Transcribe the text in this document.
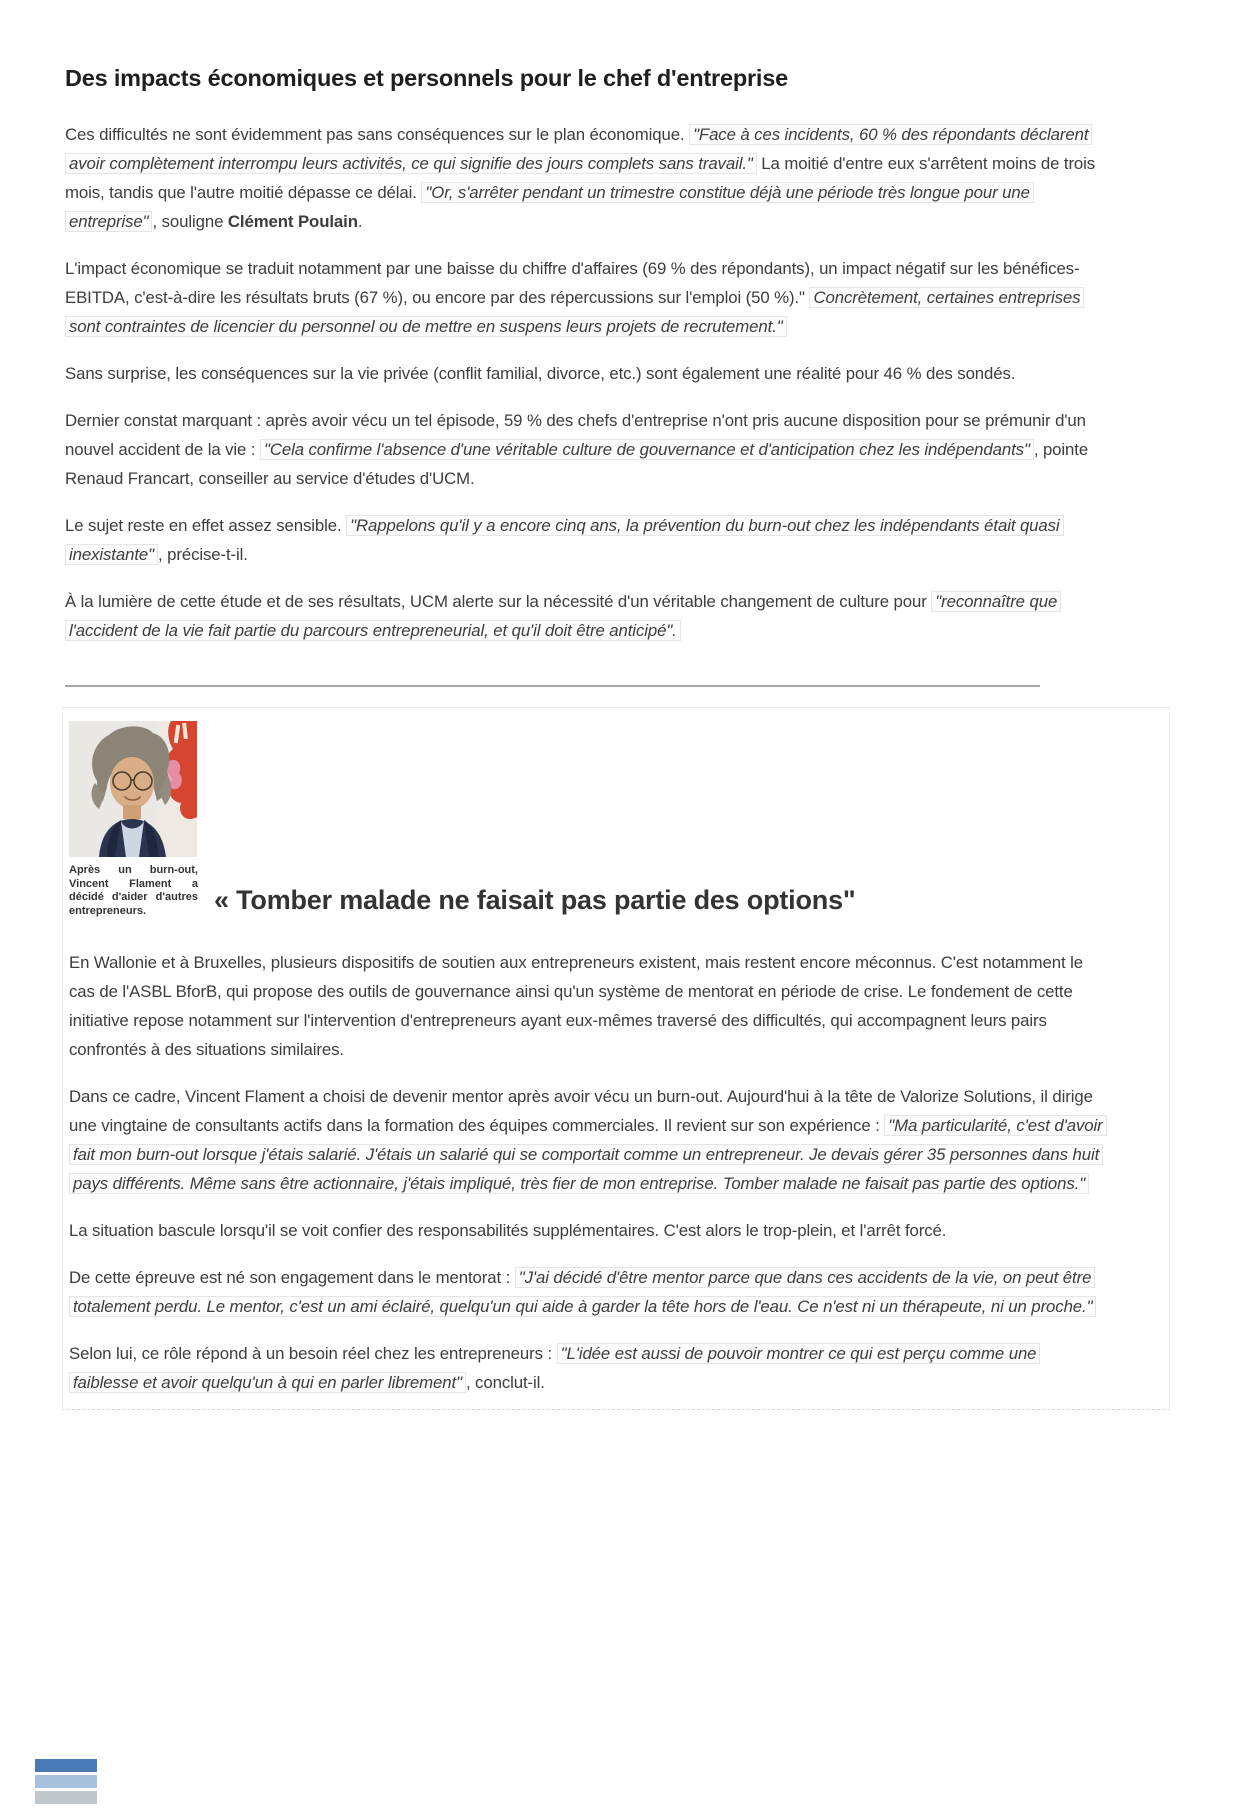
Des impacts économiques et personnels pour le chef d'entreprise

Ces difficultés ne sont évidemment pas sans conséquences sur le plan économique. "Face à ces incidents, 60 % des répondants déclarent avoir complètement interrompu leurs activités, ce qui signifie des jours complets sans travail." La moitié d'entre eux s'arrêtent moins de trois mois, tandis que l'autre moitié dépasse ce délai. "Or, s'arrêter pendant un trimestre constitue déjà une période très longue pour une entreprise" , souligne Clément Poulain.

L'impact économique se traduit notamment par une baisse du chiffre d'affaires (69 % des répondants), un impact négatif sur les bénéfices-EBITDA, c'est-à-dire les résultats bruts (67 %), ou encore par des répercussions sur l'emploi (50 %)." Concrètement, certaines entreprises sont contraintes de licencier du personnel ou de mettre en suspens leurs projets de recrutement."

Sans surprise, les conséquences sur la vie privée (conflit familial, divorce, etc.) sont également une réalité pour 46 % des sondés.

Dernier constat marquant : après avoir vécu un tel épisode, 59 % des chefs d'entreprise n'ont pris aucune disposition pour se prémunir d'un nouvel accident de la vie : "Cela confirme l'absence d'une véritable culture de gouvernance et d'anticipation chez les indépendants" , pointe Renaud Francart, conseiller au service d'études d'UCM.

Le sujet reste en effet assez sensible. "Rappelons qu'il y a encore cinq ans, la prévention du burn-out chez les indépendants était quasi inexistante" , précise-t-il.

À la lumière de cette étude et de ses résultats, UCM alerte sur la nécessité d'un véritable changement de culture pour "reconnaître que l'accident de la vie fait partie du parcours entrepreneurial, et qu'il doit être anticipé".

Après un burn-out, Vincent Flament a décidé d'aider d'autres entrepreneurs.	« Tomber malade ne faisait pas partie des options"

En Wallonie et à Bruxelles, plusieurs dispositifs de soutien aux entrepreneurs existent, mais restent encore méconnus. C'est notamment le cas de l'ASBL BforB, qui propose des outils de gouvernance ainsi qu'un système de mentorat en période de crise. Le fondement de cette initiative repose notamment sur l'intervention d'entrepreneurs ayant eux-mêmes traversé des difficultés, qui accompagnent leurs pairs confrontés à des situations similaires.

Dans ce cadre, Vincent Flament a choisi de devenir mentor après avoir vécu un burn-out. Aujourd'hui à la tête de Valorize Solutions, il dirige une vingtaine de consultants actifs dans la formation des équipes commerciales. Il revient sur son expérience : "Ma particularité, c'est d'avoir fait mon burn-out lorsque j'étais salarié. J'étais un salarié qui se comportait comme un entrepreneur. Je devais gérer 35 personnes dans huit pays différents. Même sans être actionnaire, j'étais impliqué, très fier de mon entreprise. Tomber malade ne faisait pas partie des options."

La situation bascule lorsqu'il se voit confier des responsabilités supplémentaires. C'est alors le trop-plein, et l'arrêt forcé.

De cette épreuve est né son engagement dans le mentorat : "J'ai décidé d'être mentor parce que dans ces accidents de la vie, on peut être totalement perdu. Le mentor, c'est un ami éclairé, quelqu'un qui aide à garder la tête hors de l'eau. Ce n'est ni un thérapeute, ni un proche."

Selon lui, ce rôle répond à un besoin réel chez les entrepreneurs : "L'idée est aussi de pouvoir montrer ce qui est perçu comme une faiblesse et avoir quelqu'un à qui en parler librement" , conclut-il.
